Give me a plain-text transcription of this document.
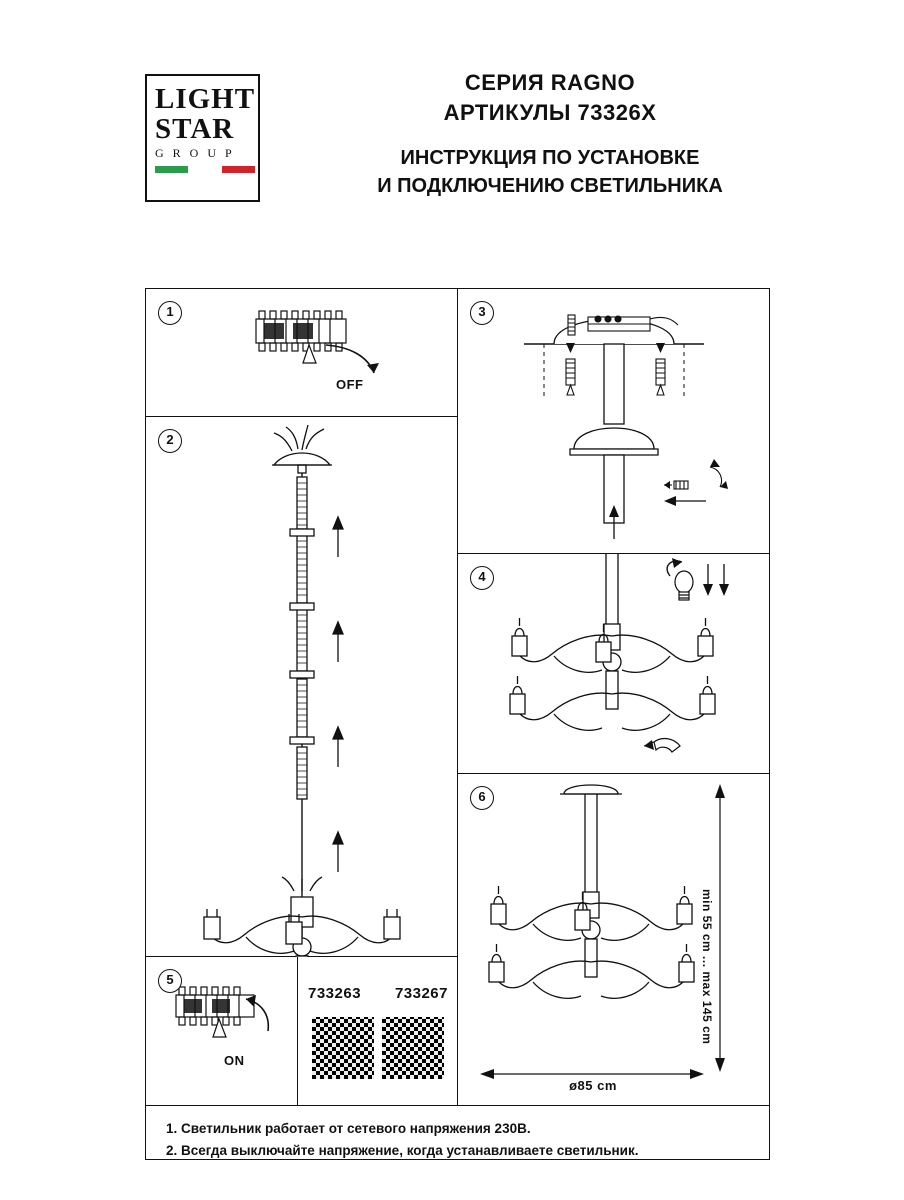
LIGHT
STAR
G R O U P
СЕРИЯ RAGNO
АРТИКУЛЫ 73326X
ИНСТРУКЦИЯ ПО УСТАНОВКЕ
И ПОДКЛЮЧЕНИЮ СВЕТИЛЬНИКА
1
OFF
2
5
ON
733263 733267
3
4
6
min 55 cm ... max 145 cm
ø85 cm
1. Светильник работает от сетевого напряжения 230В.
2. Всегда выключайте напряжение, когда устанавливаете светильник.
